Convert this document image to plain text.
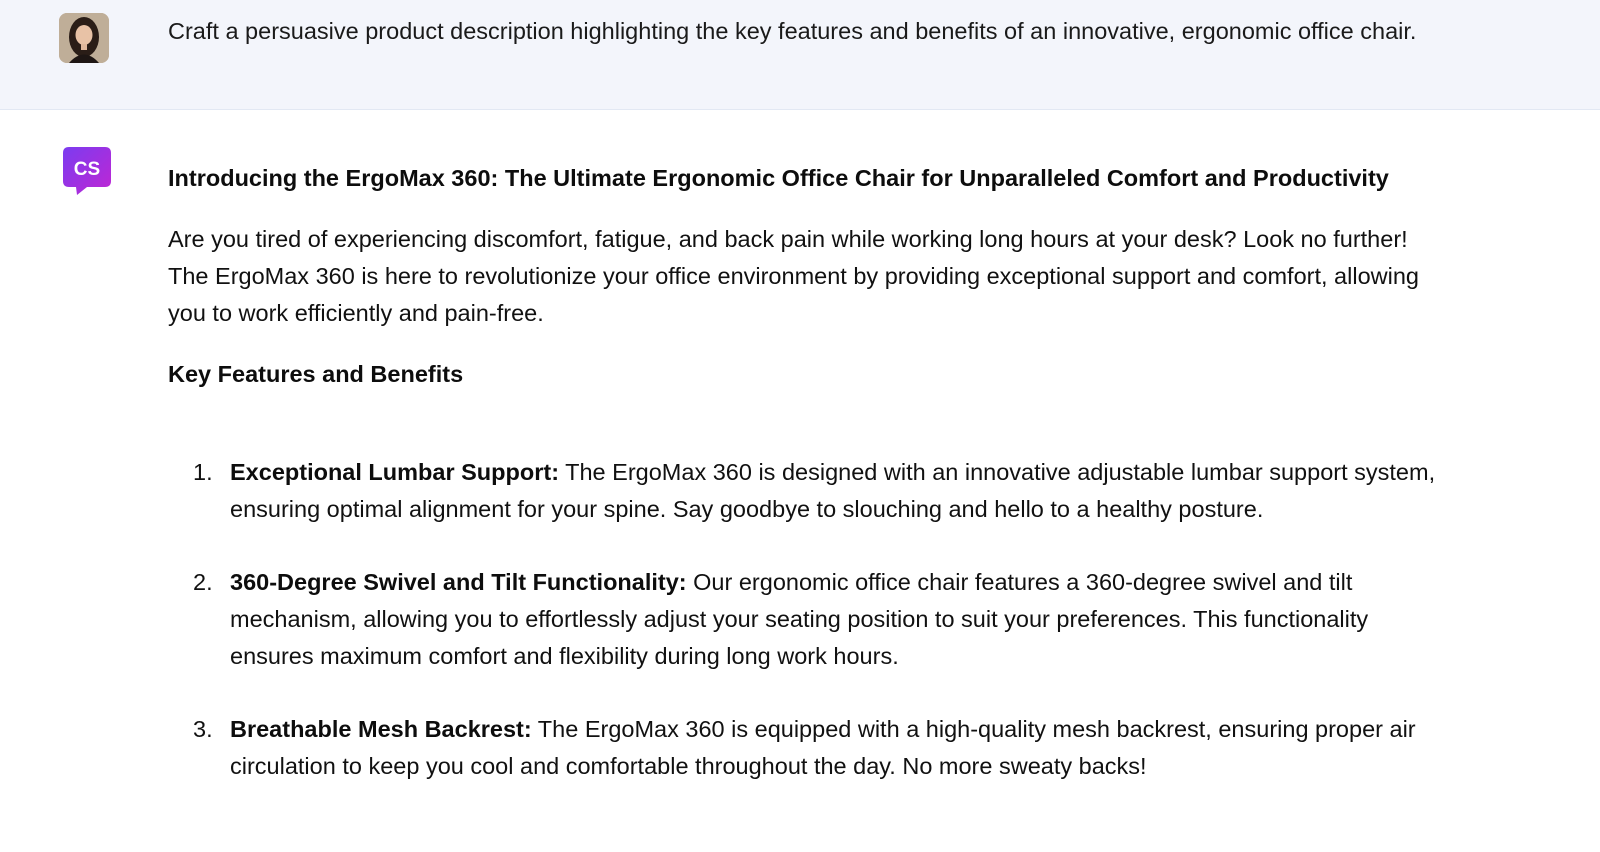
Craft a persuasive product description highlighting the key features and benefits of an innovative, ergonomic office chair.
CS	Introducing the ErgoMax 360: The Ultimate Ergonomic Office Chair for Unparalleled Comfort and Productivity

Are you tired of experiencing discomfort, fatigue, and back pain while working long hours at your desk? Look no further! The ErgoMax 360 is here to revolutionize your office environment by providing exceptional support and comfort, allowing you to work efficiently and pain-free.

Key Features and Benefits

1. Exceptional Lumbar Support: The ErgoMax 360 is designed with an innovative adjustable lumbar support system, ensuring optimal alignment for your spine. Say goodbye to slouching and hello to a healthy posture.
2. 360-Degree Swivel and Tilt Functionality: Our ergonomic office chair features a 360-degree swivel and tilt mechanism, allowing you to effortlessly adjust your seating position to suit your preferences. This functionality ensures maximum comfort and flexibility during long work hours.
3. Breathable Mesh Backrest: The ErgoMax 360 is equipped with a high-quality mesh backrest, ensuring proper air circulation to keep you cool and comfortable throughout the day. No more sweaty backs!
